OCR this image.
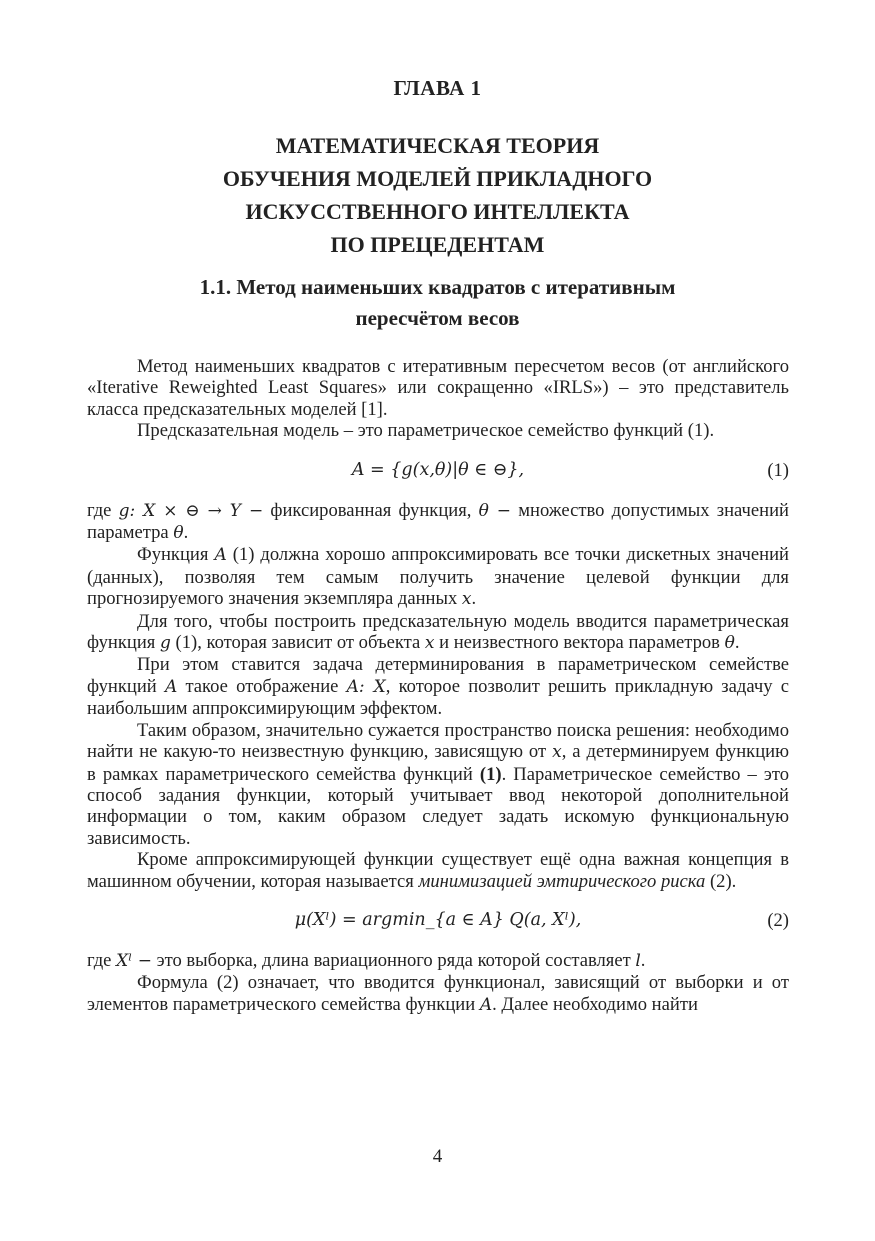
ГЛАВА 1
МАТЕМАТИЧЕСКАЯ ТЕОРИЯ
ОБУЧЕНИЯ МОДЕЛЕЙ ПРИКЛАДНОГО
ИСКУССТВЕННОГО ИНТЕЛЛЕКТА
ПО ПРЕЦЕДЕНТАМ
1.1. Метод наименьших квадратов с итеративным
пересчётом весов

Метод наименьших квадратов с итеративным пересчетом весов (от английского «Iterative Reweighted Least Squares» или сокращенно «IRLS») – это представитель класса предсказательных моделей [1].

Предсказательная модель – это параметрическое семейство функций (1).

A = {g(x,θ)|θ ∈ ⊖},	(1)

где g: X × ⊖ → Y − фиксированная функция, θ − множество допустимых значений параметра θ.

Функция A (1) должна хорошо аппроксимировать все точки дискетных значений (данных), позволяя тем самым получить значение целевой функции для прогнозируемого значения экземпляра данных x.

Для того, чтобы построить предсказательную модель вводится параметрическая функция g (1), которая зависит от объекта x и неизвестного вектора параметров θ.

При этом ставится задача детерминирования в параметрическом семействе функций A такое отображение A: X, которое позволит решить прикладную задачу с наибольшим аппроксимирующим эффектом.

Таким образом, значительно сужается пространство поиска решения: необходимо найти не какую-то неизвестную функцию, зависящую от x, а детерминируем функцию в рамках параметрического семейства функций (1). Параметрическое семейство – это способ задания функции, который учитывает ввод некоторой дополнительной информации о том, каким образом следует задать искомую функциональную зависимость.

Кроме аппроксимирующей функции существует ещё одна важная концепция в машинном обучении, которая называется минимизацией эмтирического риска (2).

μ(Xˡ) = argmin_{a ∈ A} Q(a, Xˡ),	(2)

где Xˡ − это выборка, длина вариационного ряда которой составляет l.

Формула (2) означает, что вводится функционал, зависящий от выборки и от элементов параметрического семейства функции A. Далее необходимо найти

4
